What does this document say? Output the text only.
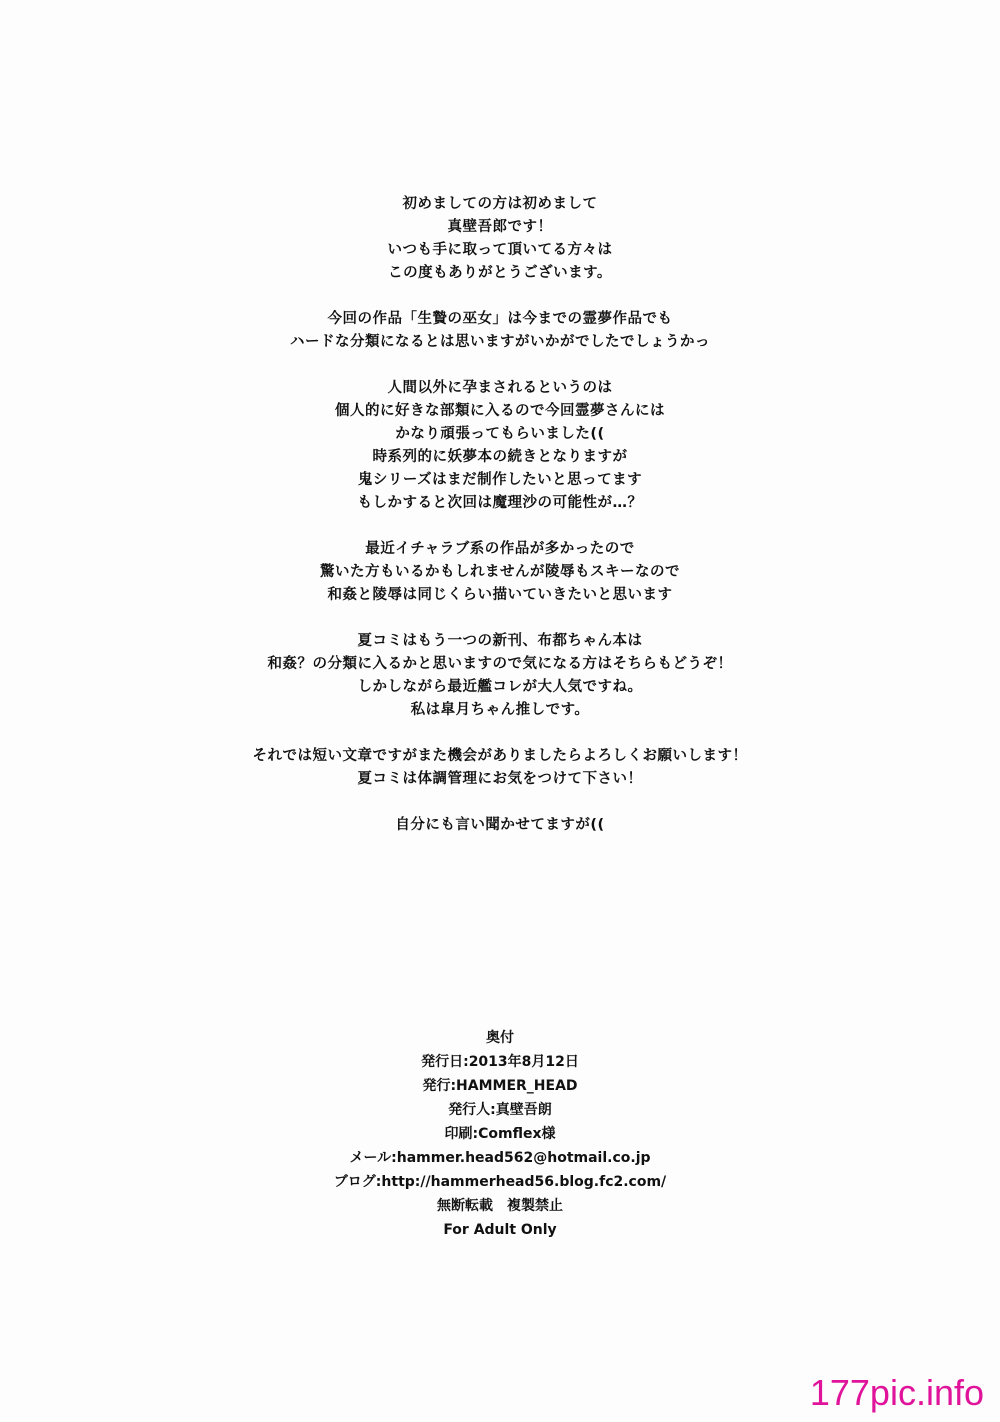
初めましての方は初めまして
真壁吾郎です！
いつも手に取って頂いてる方々は
この度もありがとうございます。
今回の作品「生贄の巫女」は今までの霊夢作品でも
ハードな分類になるとは思いますがいかがでしたでしょうかっ
人間以外に孕まされるというのは
個人的に好きな部類に入るので今回霊夢さんには
かなり頑張ってもらいました((
時系列的に妖夢本の続きとなりますが
鬼シリーズはまだ制作したいと思ってます
もしかすると次回は魔理沙の可能性が…？
最近イチャラブ系の作品が多かったので
驚いた方もいるかもしれませんが陵辱もスキーなので
和姦と陵辱は同じくらい描いていきたいと思います
夏コミはもう一つの新刊、布都ちゃん本は
和姦？の分類に入るかと思いますので気になる方はそちらもどうぞ！
しかしながら最近艦コレが大人気ですね。
私は皐月ちゃん推しです。
それでは短い文章ですがまた機会がありましたらよろしくお願いします！
夏コミは体調管理にお気をつけて下さい！
自分にも言い聞かせてますが((
奥付
発行日:2013年8月12日
発行:HAMMER_HEAD
発行人:真壁吾朗
印刷:Comflex様
メール:hammer.head562@hotmail.co.jp
ブログ:http://hammerhead56.blog.fc2.com/
無断転載　複製禁止
For Adult Only
177pic.info
